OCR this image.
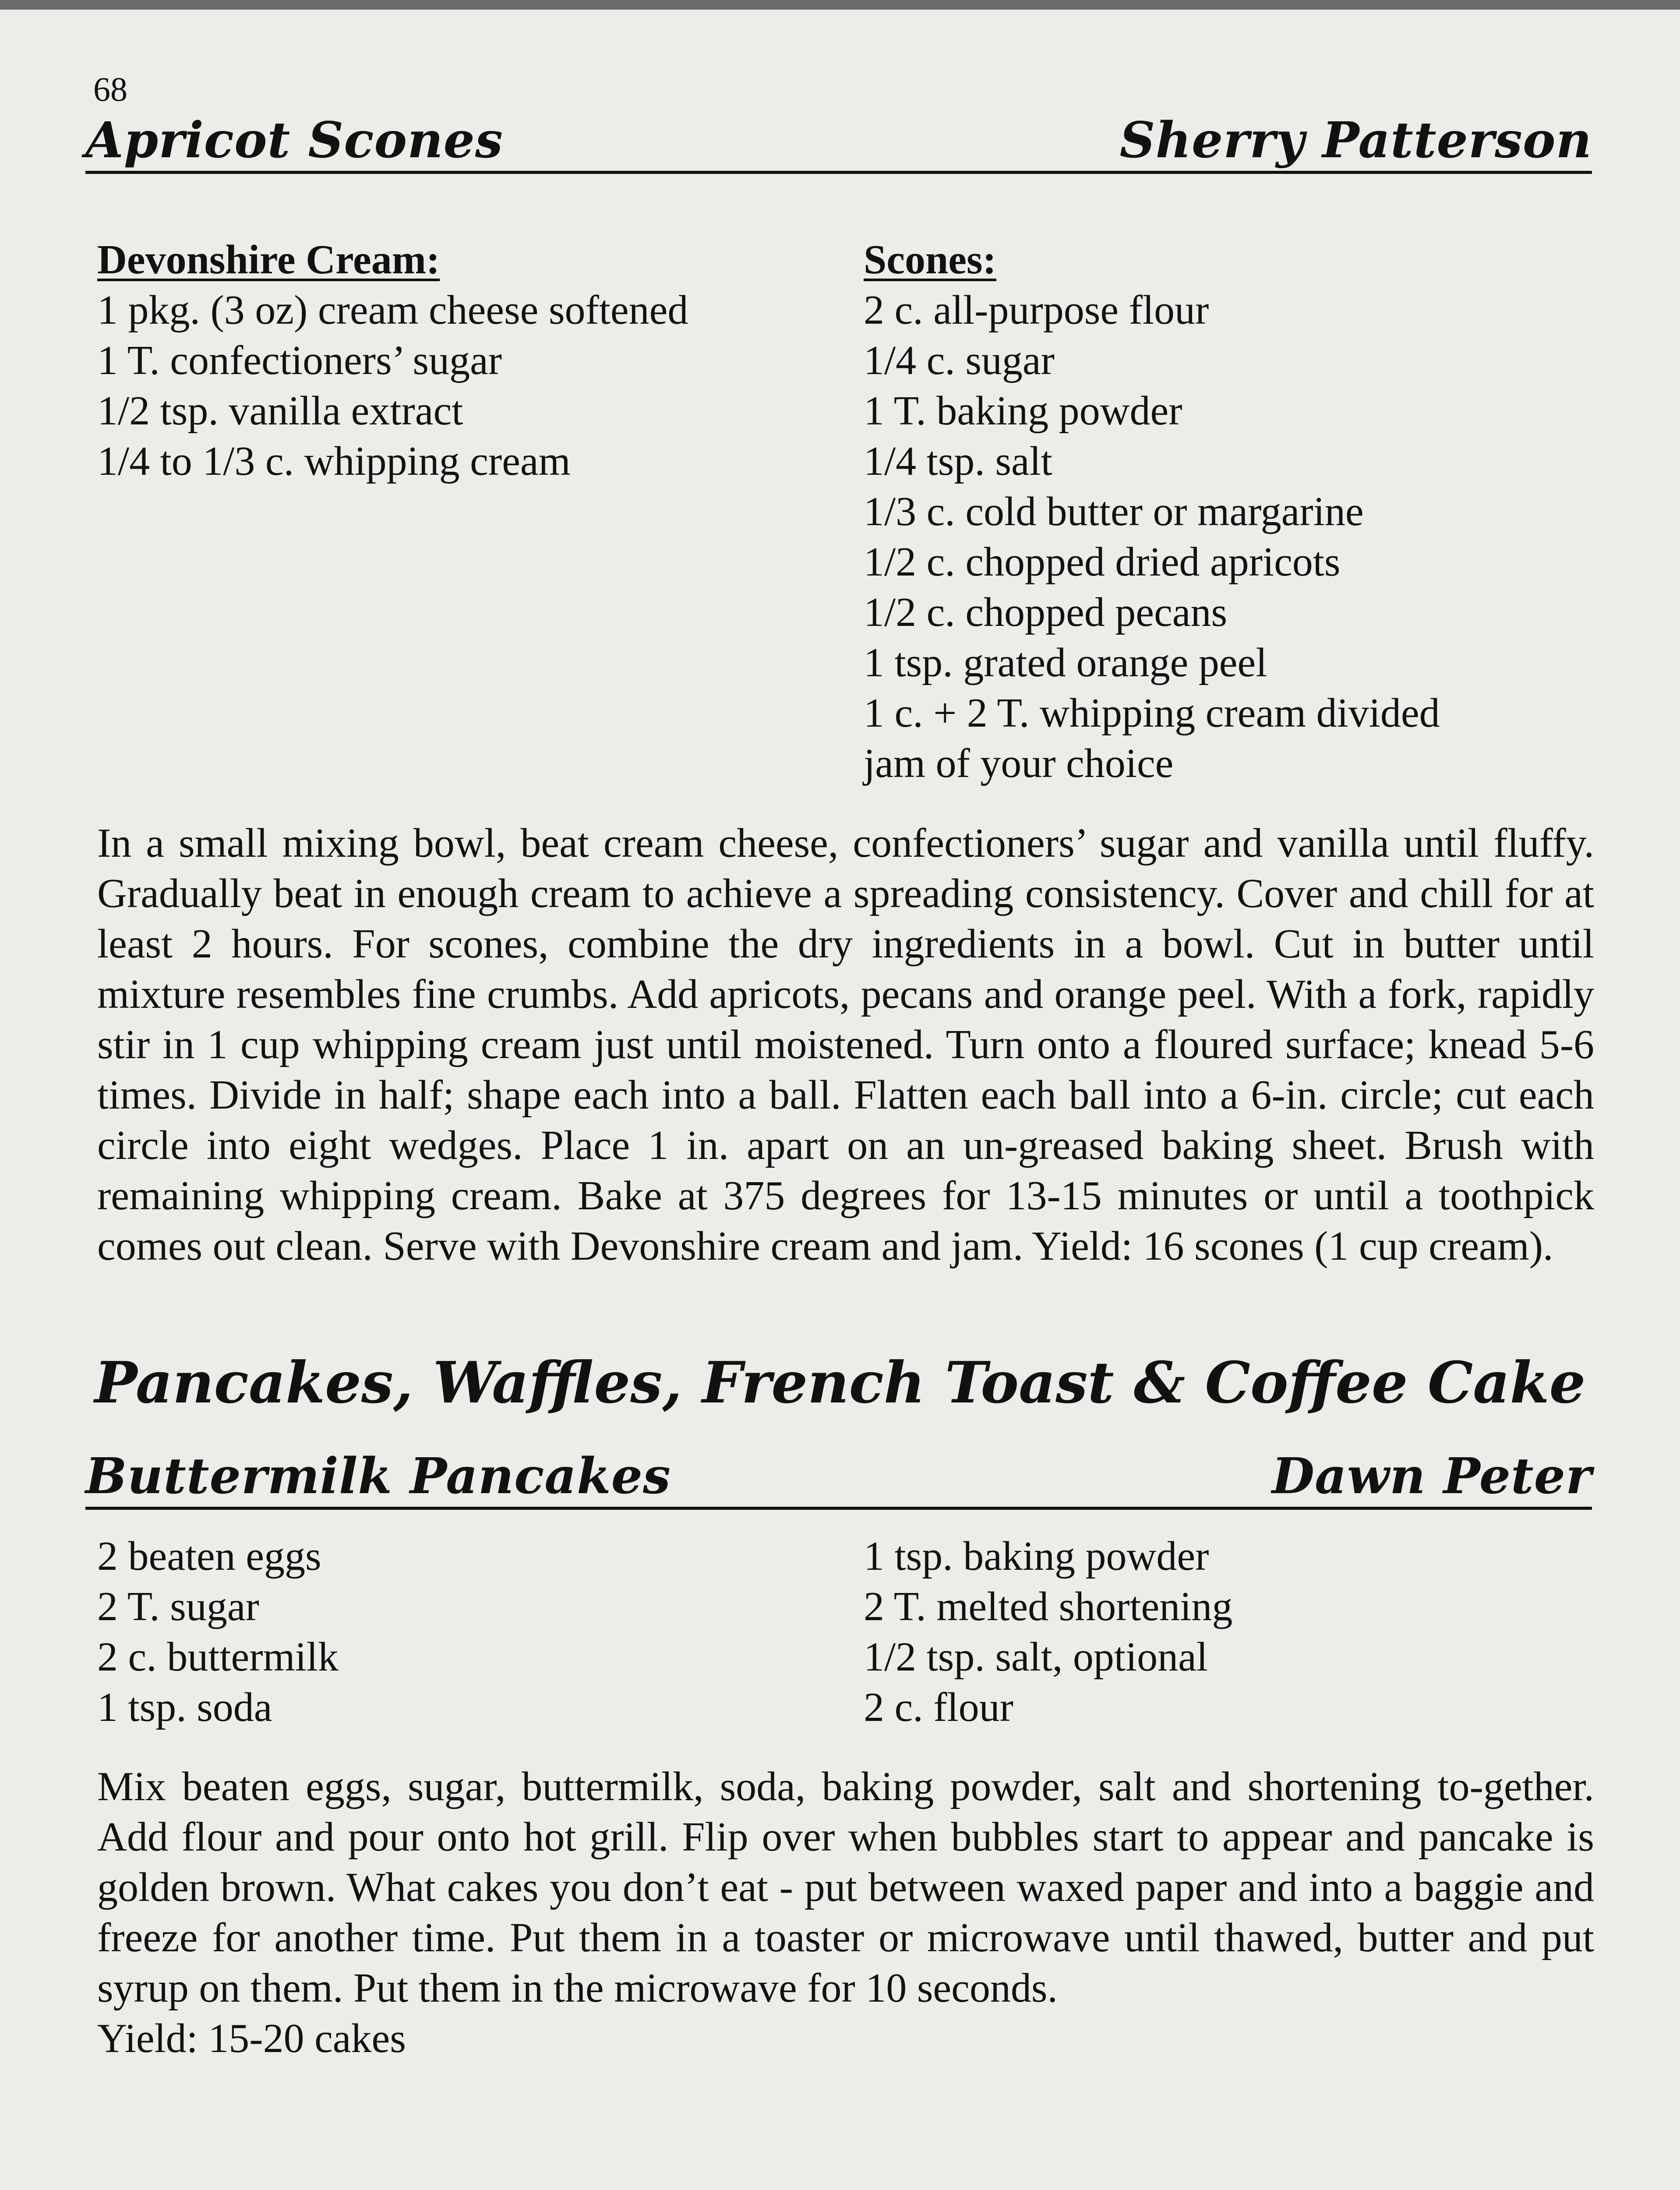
68
Apricot Scones	Sherry Patterson
Devonshire Cream:
1 pkg. (3 oz) cream cheese softened
1 T. confectioners’ sugar
1/2 tsp. vanilla extract
1/4 to 1/3 c. whipping cream
Scones:
2 c. all-purpose flour
1/4 c. sugar
1 T. baking powder
1/4 tsp. salt
1/3 c. cold butter or margarine
1/2 c. chopped dried apricots
1/2 c. chopped pecans
1 tsp. grated orange peel
1 c. + 2 T. whipping cream divided
jam of your choice
In a small mixing bowl, beat cream cheese, confectioners’ sugar and vanilla until fluffy. Gradually beat in enough cream to achieve a spreading consistency. Cover and chill for at least 2 hours. For scones, combine the dry ingredients in a bowl. Cut in butter until mixture resembles fine crumbs. Add apricots, pecans and orange peel. With a fork, rapidly stir in 1 cup whipping cream just until moistened. Turn onto a floured surface; knead 5-6 times. Divide in half; shape each into a ball. Flatten each ball into a 6-in. circle; cut each circle into eight wedges. Place 1 in. apart on an un-greased baking sheet. Brush with remaining whipping cream. Bake at 375 degrees for 13-15 minutes or until a toothpick comes out clean. Serve with Devonshire cream and jam. Yield: 16 scones (1 cup cream).
Pancakes, Waffles, French Toast & Coffee Cake
Buttermilk Pancakes	Dawn Peter
2 beaten eggs
2 T. sugar
2 c. buttermilk
1 tsp. soda
1 tsp. baking powder
2 T. melted shortening
1/2 tsp. salt, optional
2 c. flour
Mix beaten eggs, sugar, buttermilk, soda, baking powder, salt and shortening to-gether. Add flour and pour onto hot grill. Flip over when bubbles start to appear and pancake is golden brown. What cakes you don’t eat - put between waxed paper and into a baggie and freeze for another time. Put them in a toaster or microwave until thawed, butter and put syrup on them. Put them in the microwave for 10 seconds.
Yield: 15-20 cakes
